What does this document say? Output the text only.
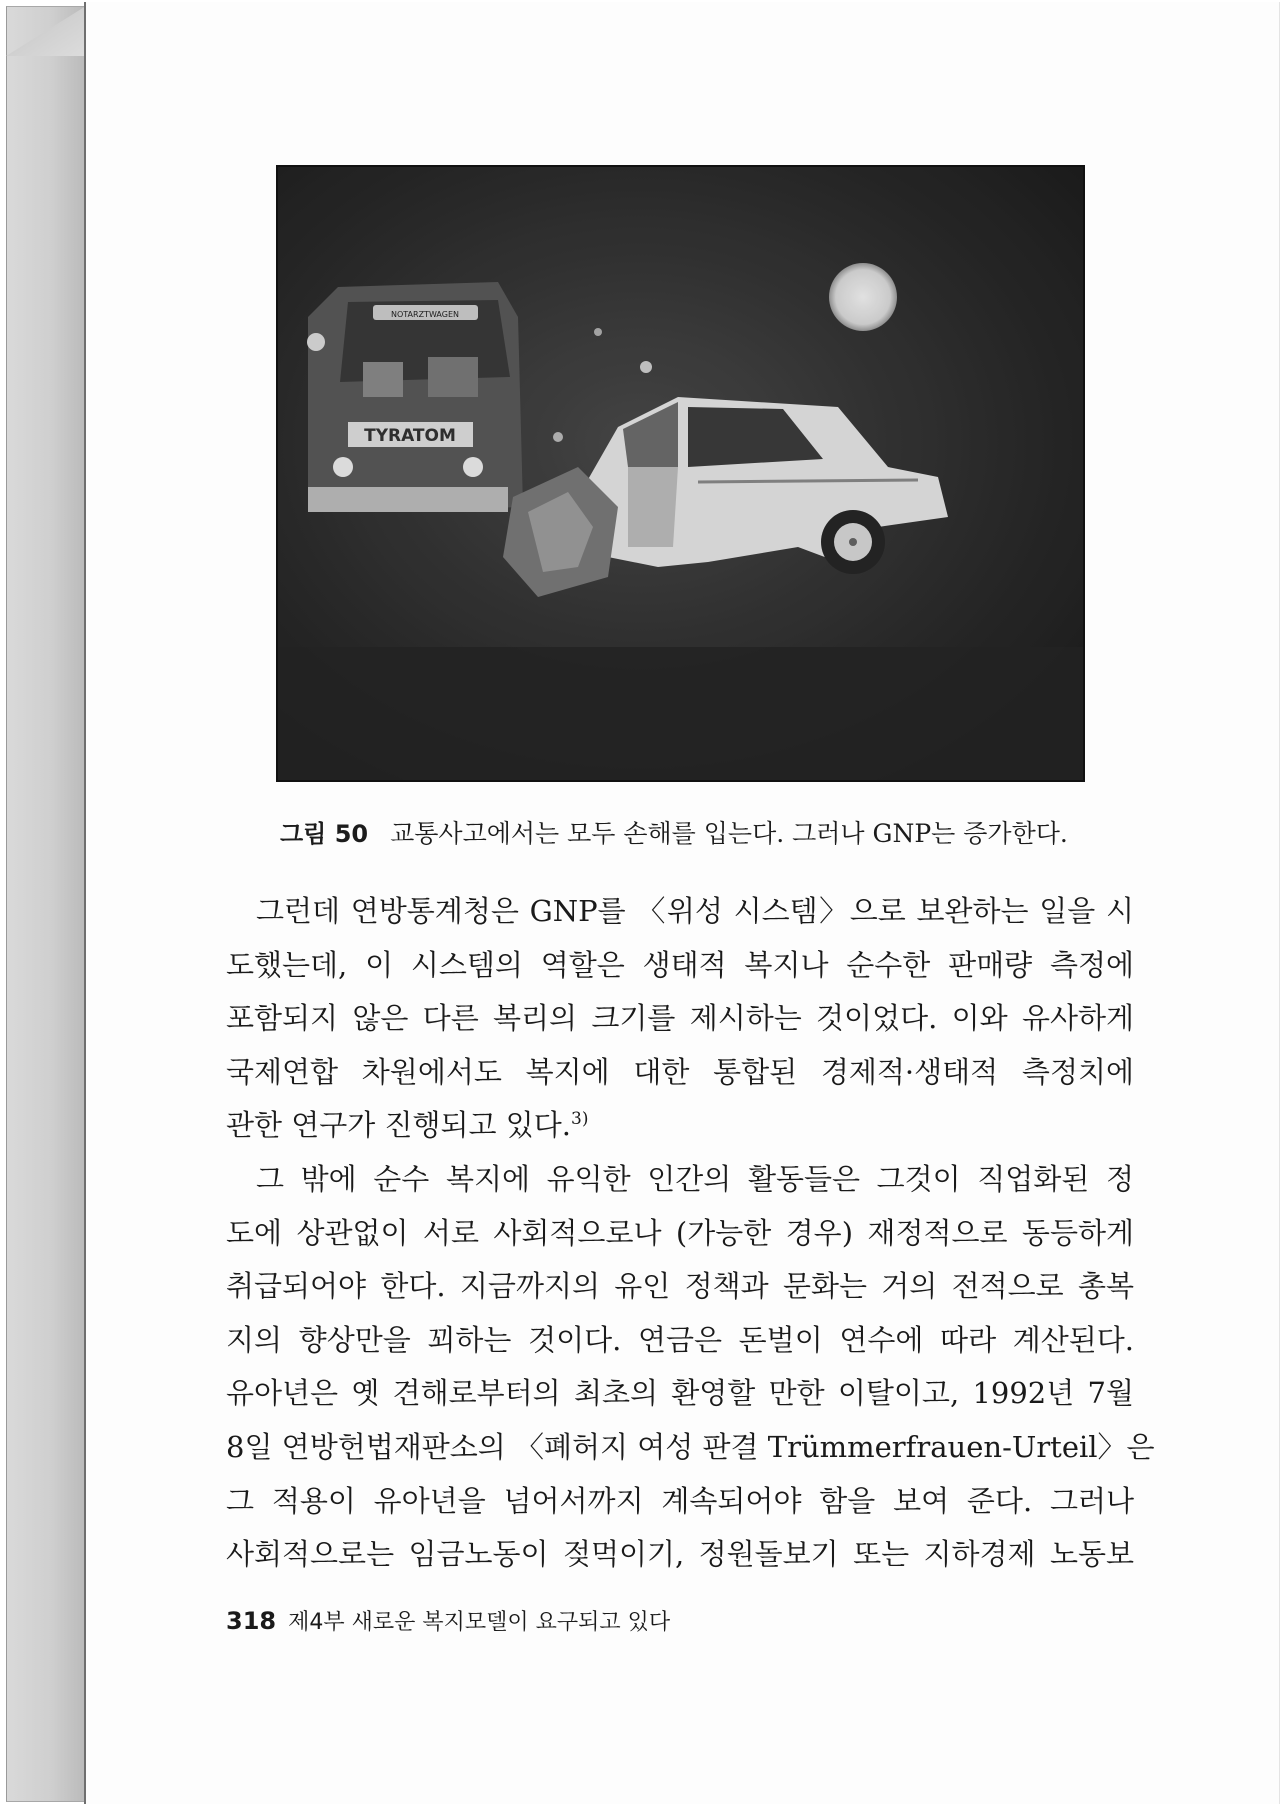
NOTARZTWAGEN
TYRATOM
그림 50 교통사고에서는 모두 손해를 입는다. 그러나 GNP는 증가한다.

그런데 연방통계청은 GNP를 〈위성 시스템〉으로 보완하는 일을 시
도했는데, 이 시스템의 역할은 생태적 복지나 순수한 판매량 측정에
포함되지 않은 다른 복리의 크기를 제시하는 것이었다. 이와 유사하게
국제연합 차원에서도 복지에 대한 통합된 경제적·생태적 측정치에
관한 연구가 진행되고 있다.$^{3)}$

그 밖에 순수 복지에 유익한 인간의 활동들은 그것이 직업화된 정
도에 상관없이 서로 사회적으로나 (가능한 경우) 재정적으로 동등하게
취급되어야 한다. 지금까지의 유인 정책과 문화는 거의 전적으로 총복
지의 향상만을 꾀하는 것이다. 연금은 돈벌이 연수에 따라 계산된다.
유아년은 옛 견해로부터의 최초의 환영할 만한 이탈이고, 1992년 7월
8일 연방헌법재판소의 〈폐허지 여성 판결 Trümmerfrauen-Urteil〉은
그 적용이 유아년을 넘어서까지 계속되어야 함을 보여 준다. 그러나
사회적으로는 임금노동이 젖먹이기, 정원돌보기 또는 지하경제 노동보

318 제4부 새로운 복지모델이 요구되고 있다
